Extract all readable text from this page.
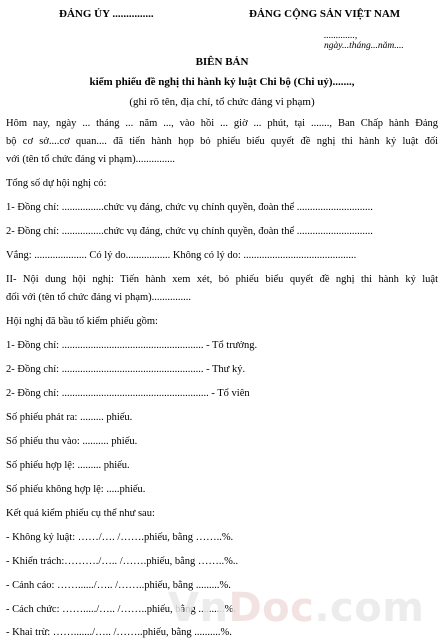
ĐẢNG ỦY ...............	ĐẢNG CỘNG SẢN VIỆT NAM
............., ngày...tháng...năm....
BIÊN BẢN
kiểm phiếu đề nghị thi hành kỷ luật Chi bộ (Chi uỷ).......,
(ghi rõ tên, địa chỉ, tổ chức đảng vi phạm)
Hôm nay, ngày ... tháng ... năm ..., vào hồi ... giờ ... phút, tại ......., Ban Chấp hành Đảng
bộ cơ sở....cơ quan.... đã tiến hành họp bỏ phiếu biểu quyết đề nghị thi hành kỷ luật đối
với (tên tổ chức đảng vi phạm)...............
Tổng số dự hội nghị có:
1- Đồng chí: ................chức vụ đảng, chức vụ chính quyền, đoàn thể .............................
2- Đồng chí: ................chức vụ đảng, chức vụ chính quyền, đoàn thể .............................
Vắng: .................... Có lý do................. Không có lý do: ...........................................
II- Nội dung hội nghị: Tiến hành xem xét, bỏ phiếu biểu quyết đề nghị thi hành kỷ luật
đối với (tên tổ chức đảng vi phạm)...............
Hội nghị đã bầu tổ kiểm phiếu gồm:
1- Đồng chí: ...................................................... - Tổ trưởng.
2- Đồng chí: ...................................................... - Thư ký.
2- Đồng chí: ........................................................ - Tổ viên
Số phiếu phát ra: ......... phiếu.
Số phiếu thu vào: .......... phiếu.
Số phiếu hợp lệ: ......... phiếu.
Số phiếu không hợp lệ: .....phiếu.
Kết quả kiểm phiếu cụ thể như sau:
- Không kỷ luật: ……/…. /…….phiếu, bằng ……..%.
- Khiển trách:………./….. /…….phiếu, bằng ……..%..
- Cảnh cáo: ……....../….. /……..phiếu, bằng .........%.
- Cách chức: ……...../….. /……..phiếu, bằng ..........%.
- Khai trừ: ……......./….. /……..phiếu, bằng ..........%.
VnDoc.com
